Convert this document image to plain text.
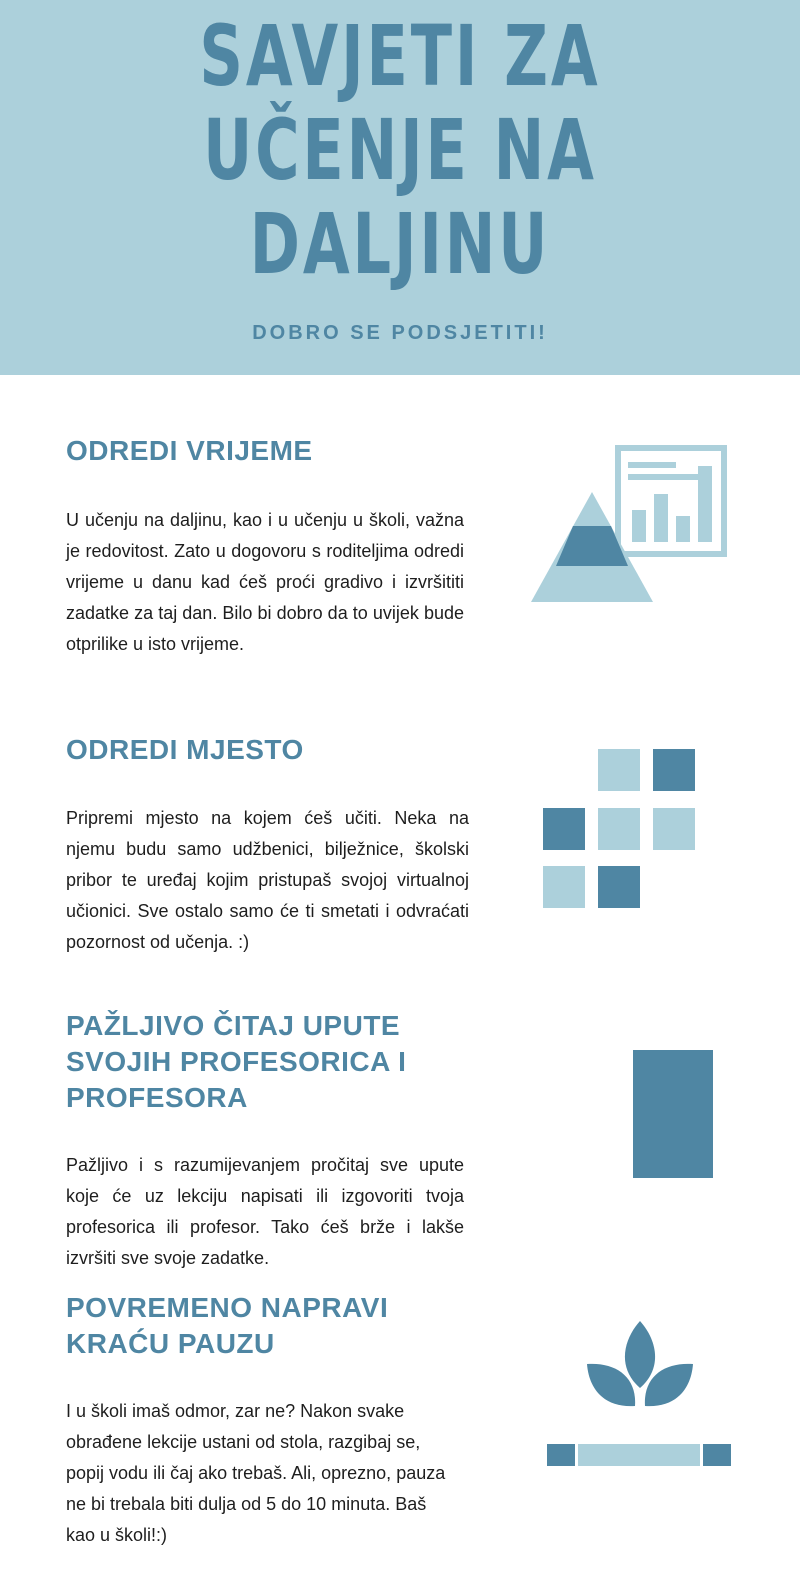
SAVJETI ZA
UČENJE NA
DALJINU
DOBRO SE PODSJETITI!
ODREDI VRIJEME
U učenju na daljinu, kao i u učenju u školi, važna je redovitost. Zato u dogovoru s roditeljima odredi vrijeme u danu kad ćeš proći gradivo i izvršititi zadatke za taj dan. Bilo bi dobro da to uvijek bude otprilike u isto vrijeme.
ODREDI MJESTO
Pripremi mjesto na kojem ćeš učiti. Neka na njemu budu samo udžbenici, bilježnice, školski pribor te uređaj kojim pristupaš svojoj virtualnoj učionici. Sve ostalo samo će ti smetati i odvraćati pozornost od učenja. :)
PAŽLJIVO ČITAJ UPUTE
SVOJIH PROFESORICA I
PROFESORA
Pažljivo i s razumijevanjem pročitaj sve upute koje će uz lekciju napisati ili izgovoriti tvoja profesorica ili profesor. Tako ćeš brže i lakše izvršiti sve svoje zadatke.
POVREMENO NAPRAVI
KRAĆU PAUZU
I u školi imaš odmor, zar ne? Nakon svake obrađene lekcije ustani od stola, razgibaj se, popij vodu ili čaj ako trebaš. Ali, oprezno, pauza ne bi trebala biti dulja od 5 do 10 minuta. Baš kao u školi!:)
